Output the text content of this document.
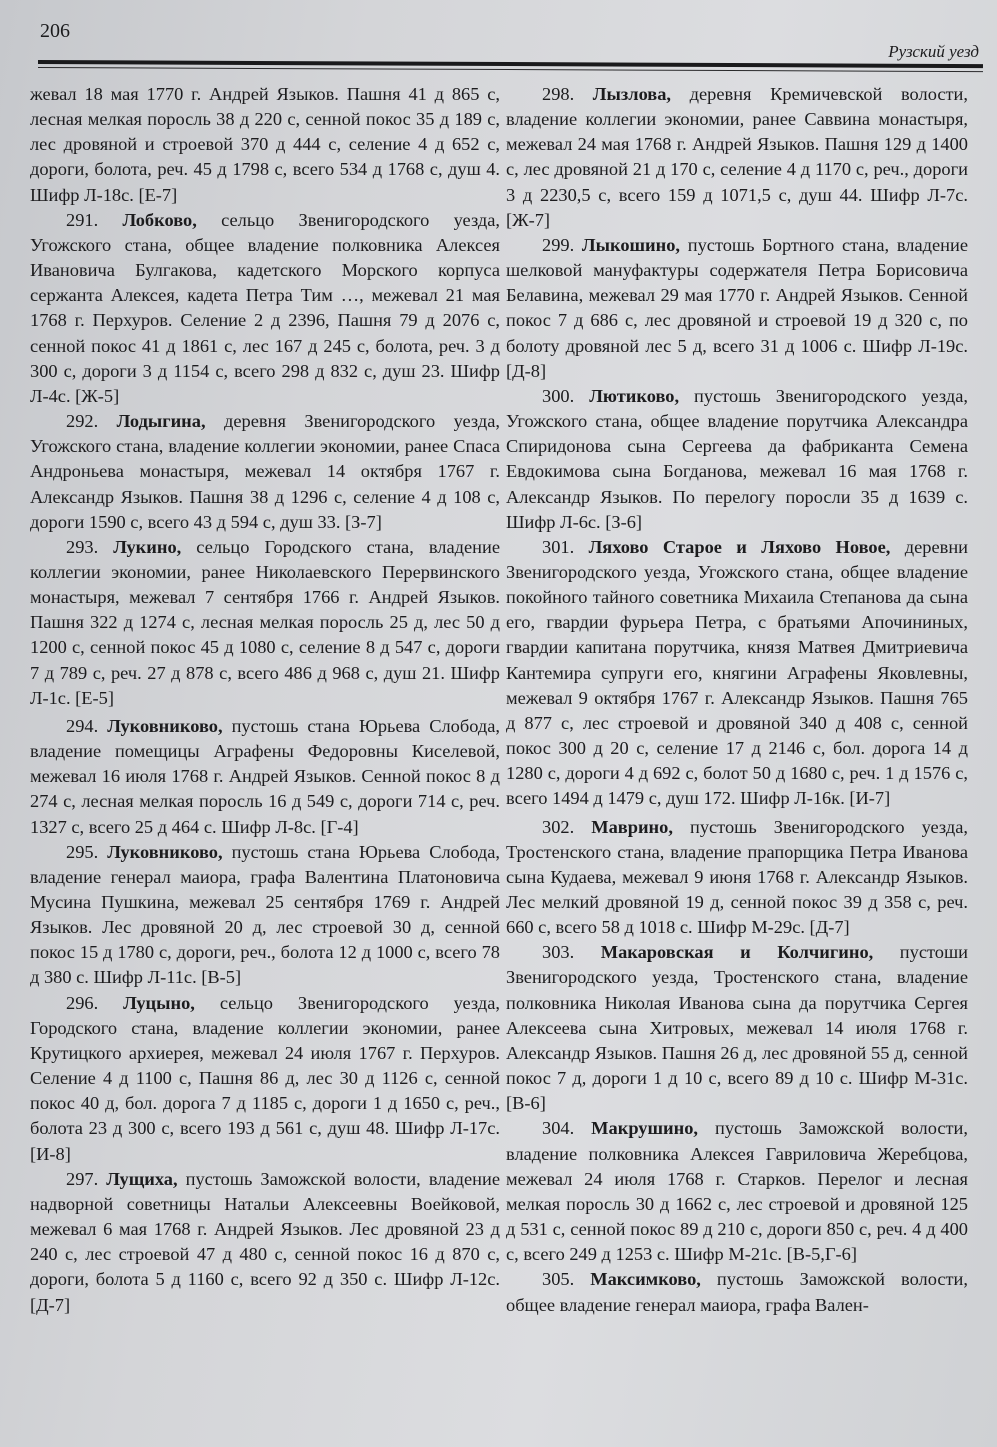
206
Рузский уезд

жевал 18 мая 1770 г. Андрей Языков. Пашня 41 д 865 с, лесная мелкая поросль 38 д 220 с, сенной покос 35 д 189 с, лес дровяной и строевой 370 д 444 с, селение 4 д 652 с, дороги, болота, реч. 45 д 1798 с, всего 534 д 1768 с, душ 4. Шифр Л-18с. [Е-7]

291. Лобково, сельцо Звенигородского уезда, Угожского стана, общее владение полковника Алексея Ивановича Булгакова, кадетского Морского корпуса сержанта Алексея, кадета Петра Тим …, межевал 21 мая 1768 г. Перхуров. Селение 2 д 2396, Пашня 79 д 2076 с, сенной покос 41 д 1861 с, лес 167 д 245 с, болота, реч. 3 д 300 с, дороги 3 д 1154 с, всего 298 д 832 с, душ 23. Шифр Л-4с. [Ж-5]

292. Лодыгина, деревня Звенигородского уезда, Угожского стана, владение коллегии экономии, ранее Спаса Андроньева монастыря, межевал 14 октября 1767 г. Александр Языков. Пашня 38 д 1296 с, селение 4 д 108 с, дороги 1590 с, всего 43 д 594 с, душ 33. [З-7]

293. Лукино, сельцо Городского стана, владение коллегии экономии, ранее Николаевского Перервинского монастыря, межевал 7 сентября 1766 г. Андрей Языков. Пашня 322 д 1274 с, лесная мелкая поросль 25 д, лес 50 д 1200 с, сенной покос 45 д 1080 с, селение 8 д 547 с, дороги 7 д 789 с, реч. 27 д 878 с, всего 486 д 968 с, душ 21. Шифр Л-1с. [Е-5]

294. Луковниково, пустошь стана Юрьева Слобода, владение помещицы Аграфены Федоровны Киселевой, межевал 16 июля 1768 г. Андрей Языков. Сенной покос 8 д 274 с, лесная мелкая поросль 16 д 549 с, дороги 714 с, реч. 1327 с, всего 25 д 464 с. Шифр Л-8с. [Г-4]

295. Луковниково, пустошь стана Юрьева Слобода, владение генерал маиора, графа Валентина Платоновича Мусина Пушкина, межевал 25 сентября 1769 г. Андрей Языков. Лес дровяной 20 д, лес строевой 30 д, сенной покос 15 д 1780 с, дороги, реч., болота 12 д 1000 с, всего 78 д 380 с. Шифр Л-11с. [В-5]

296. Луцыно, сельцо Звенигородского уезда, Городского стана, владение коллегии экономии, ранее Крутицкого архиерея, межевал 24 июля 1767 г. Перхуров. Селение 4 д 1100 с, Пашня 86 д, лес 30 д 1126 с, сенной покос 40 д, бол. дорога 7 д 1185 с, дороги 1 д 1650 с, реч., болота 23 д 300 с, всего 193 д 561 с, душ 48. Шифр Л-17с. [И-8]

297. Лущиха, пустошь Заможской волости, владение надворной советницы Натальи Алексеевны Воейковой, межевал 6 мая 1768 г. Андрей Языков. Лес дровяной 23 д 240 с, лес строевой 47 д 480 с, сенной покос 16 д 870 с, дороги, болота 5 д 1160 с, всего 92 д 350 с. Шифр Л-12с. [Д-7]

298. Лызлова, деревня Кремичевской волости, владение коллегии экономии, ранее Саввина монастыря, межевал 24 мая 1768 г. Андрей Языков. Пашня 129 д 1400 с, лес дровяной 21 д 170 с, селение 4 д 1170 с, реч., дороги 3 д 2230,5 с, всего 159 д 1071,5 с, душ 44. Шифр Л-7с. [Ж-7]

299. Лыкошино, пустошь Бортного стана, владение шелковой мануфактуры содержателя Петра Борисовича Белавина, межевал 29 мая 1770 г. Андрей Языков. Сенной покос 7 д 686 с, лес дровяной и строевой 19 д 320 с, по болоту дровяной лес 5 д, всего 31 д 1006 с. Шифр Л-19с. [Д-8]

300. Лютиково, пустошь Звенигородского уезда, Угожского стана, общее владение порутчика Александра Спиридонова сына Сергеева да фабриканта Семена Евдокимова сына Богданова, межевал 16 мая 1768 г. Александр Языков. По перелогу поросли 35 д 1639 с. Шифр Л-6с. [З-6]

301. Ляхово Старое и Ляхово Новое, деревни Звенигородского уезда, Угожского стана, общее владение покойного тайного советника Михаила Степанова да сына его, гвардии фурьера Петра, с братьями Апочининых, гвардии капитана порутчика, князя Матвея Дмитриевича Кантемира супруги его, княгини Аграфены Яковлевны, межевал 9 октября 1767 г. Александр Языков. Пашня 765 д 877 с, лес строевой и дровяной 340 д 408 с, сенной покос 300 д 20 с, селение 17 д 2146 с, бол. дорога 14 д 1280 с, дороги 4 д 692 с, болот 50 д 1680 с, реч. 1 д 1576 с, всего 1494 д 1479 с, душ 172. Шифр Л-16к. [И-7]

302. Маврино, пустошь Звенигородского уезда, Тростенского стана, владение прапорщика Петра Иванова сына Кудаева, межевал 9 июня 1768 г. Александр Языков. Лес мелкий дровяной 19 д, сенной покос 39 д 358 с, реч. 660 с, всего 58 д 1018 с. Шифр М-29с. [Д-7]

303. Макаровская и Колчигино, пустоши Звенигородского уезда, Тростенского стана, владение полковника Николая Иванова сына да порутчика Сергея Алексеева сына Хитровых, межевал 14 июля 1768 г. Александр Языков. Пашня 26 д, лес дровяной 55 д, сенной покос 7 д, дороги 1 д 10 с, всего 89 д 10 с. Шифр М-31с. [В-6]

304. Макрушино, пустошь Заможской волости, владение полковника Алексея Гавриловича Жеребцова, межевал 24 июля 1768 г. Старков. Перелог и лесная мелкая поросль 30 д 1662 с, лес строевой и дровяной 125 д 531 с, сенной покос 89 д 210 с, дороги 850 с, реч. 4 д 400 с, всего 249 д 1253 с. Шифр М-21с. [В-5,Г-6]

305. Максимково, пустошь Заможской волости, общее владение генерал маиора, графа Вален-
